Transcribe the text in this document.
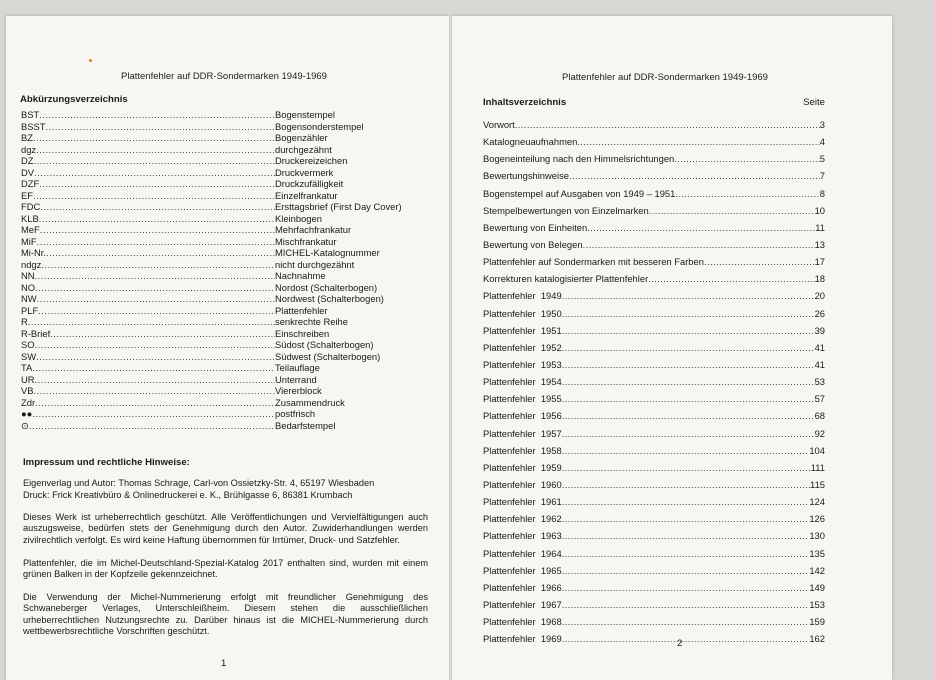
Plattenfehler auf DDR-Sondermarken 1949-1969
Abkürzungsverzeichnis
BST .....	Bogenstempel
BSST .....	Bogensonderstempel
BZ .....	Bogenzähler
dgz .....	durchgezähnt
DZ .....	Druckereizeichen
DV .....	Druckvermerk
DZF .....	Druckzufälligkeit
EF .....	Einzelfrankatur
FDC .....	Ersttagsbrief (First Day Cover)
KLB .....	Kleinbogen
MeF .....	Mehrfachfrankatur
MiF .....	Mischfrankatur
Mi-Nr. .....	MICHEL-Katalognummer
ndgz .....	nicht durchgezähnt
NN .....	Nachnahme
NO .....	Nordost (Schalterbogen)
NW .....	Nordwest (Schalterbogen)
PLF .....	Plattenfehler
R .....	senkrechte Reihe
R-Brief .....	Einschreiben
SO .....	Südost (Schalterbogen)
SW .....	Südwest (Schalterbogen)
TA .....	Teilauflage
UR .....	Unterrand
VB .....	Viererblock
Zdr .....	Zusammendruck
●● .....	postfrisch
⊙ .....	Bedarfstempel
Impressum und rechtliche Hinweise:
Eigenverlag und Autor: Thomas Schrage, Carl-von Ossietzky-Str. 4, 65197 Wiesbaden
Druck: Frick Kreativbüro & Onlinedruckerei e. K., Brühlgasse 6, 86381 Krumbach
Dieses Werk ist urheberrechtlich geschützt. Alle Veröffentlichungen und Vervielfältigungen auch auszugsweise, bedürfen stets der Genehmigung durch den Autor. Zuwiderhandlungen werden zivilrechtlich verfolgt. Es wird keine Haftung übernommen für Irrtümer, Druck- und Satzfehler.
Plattenfehler, die im Michel-Deutschland-Spezial-Katalog 2017 enthalten sind, wurden mit einem grünen Balken in der Kopfzeile gekennzeichnet.
Die Verwendung der Michel-Nummerierung erfolgt mit freundlicher Genehmigung des Schwaneberger Verlages, Unterschleißheim. Diesem stehen die ausschließlichen urheberrechtlichen Nutzungsrechte zu. Darüber hinaus ist die MICHEL-Nummerierung durch wettbewerbsrechtliche Vorschriften geschützt.
1
Plattenfehler auf DDR-Sondermarken 1949-1969
Inhaltsverzeichnis	Seite
Vorwort .....	3
Katalogneuaufnahmen .....	4
Bogeneinteilung nach den Himmelsrichtungen .....	5
Bewertungshinweise .....	7
Bogenstempel auf Ausgaben von 1949 – 1951 .....	8
Stempelbewertungen von Einzelmarken .....	10
Bewertung von Einheiten .....	11
Bewertung von Belegen .....	13
Plattenfehler auf Sondermarken mit besseren Farben .....	17
Korrekturen katalogisierter Plattenfehler .....	18
Plattenfehler  1949 .....	20
Plattenfehler  1950 .....	26
Plattenfehler  1951 .....	39
Plattenfehler  1952 .....	41
Plattenfehler  1953 .....	41
Plattenfehler  1954 .....	53
Plattenfehler  1955 .....	57
Plattenfehler  1956 .....	68
Plattenfehler  1957 .....	92
Plattenfehler  1958 .....	104
Plattenfehler  1959 .....	111
Plattenfehler  1960 .....	115
Plattenfehler  1961 .....	124
Plattenfehler  1962 .....	126
Plattenfehler  1963 .....	130
Plattenfehler  1964 .....	135
Plattenfehler  1965 .....	142
Plattenfehler  1966 .....	149
Plattenfehler  1967 .....	153
Plattenfehler  1968 .....	159
Plattenfehler  1969 .....	162
2
